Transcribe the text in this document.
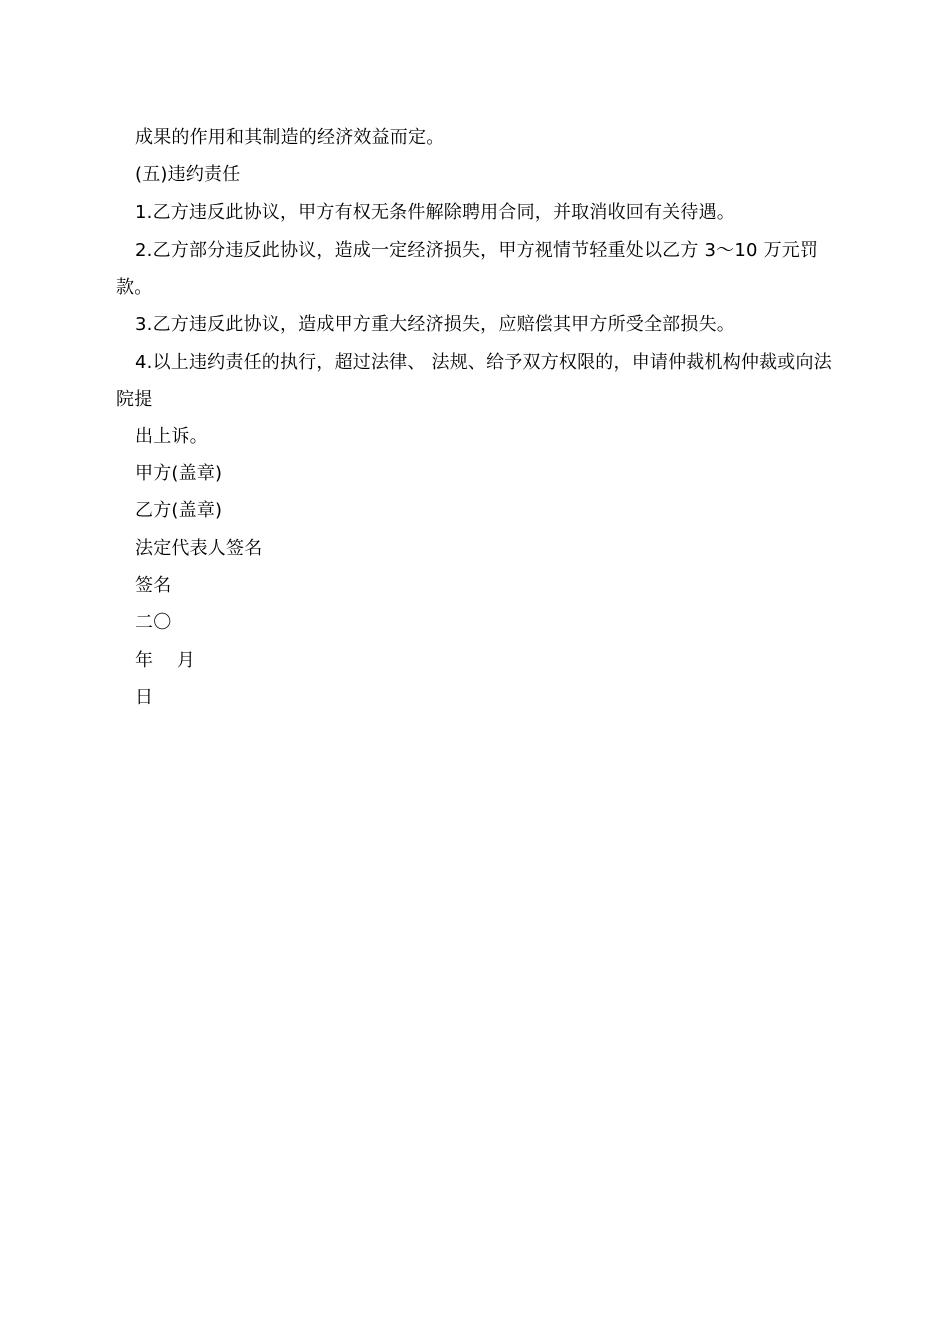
成果的作用和其制造的经济效益而定。
(五)违约责任
1.乙方违反此协议，甲方有权无条件解除聘用合同，并取消收回有关待遇。
2.乙方部分违反此协议，造成一定经济损失，甲方视情节轻重处以乙方 3～10 万元罚款。
3.乙方违反此协议，造成甲方重大经济损失，应赔偿其甲方所受全部损失。
4.以上违约责任的执行，超过法律、 法规、给予双方权限的，申请仲裁机构仲裁或向法院提
出上诉。
甲方(盖章)
乙方(盖章)
法定代表人签名
签名
二〇
年    月
日
